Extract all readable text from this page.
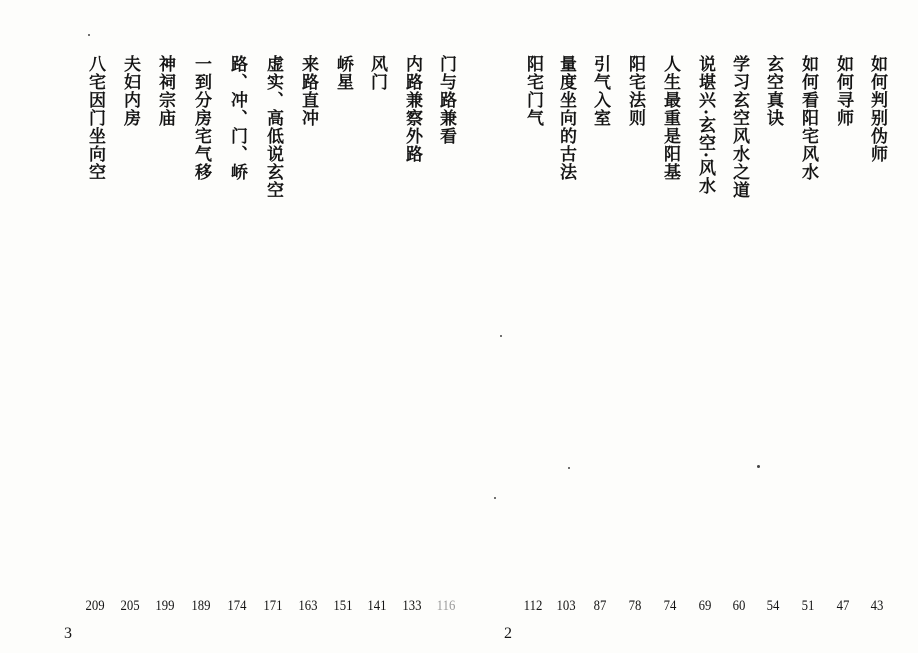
八宅因门坐向空
209
夫妇内房
205
神祠宗庙
199
一到分房宅气移
189
路、冲、门、峤
174
虚实、高低说玄空
171
来路直冲
163
峤星
151
风门
141
内路兼察外路
133
门与路兼看
116
3
阳宅门气
112
量度坐向的古法
103
引气入室
87
阳宅法则
78
人生最重是阳基
74
说堪兴·玄空·风水
69
学习玄空风水之道
60
玄空真诀
54
如何看阳宅风水
51
如何寻师
47
如何判别伪师
43
2
